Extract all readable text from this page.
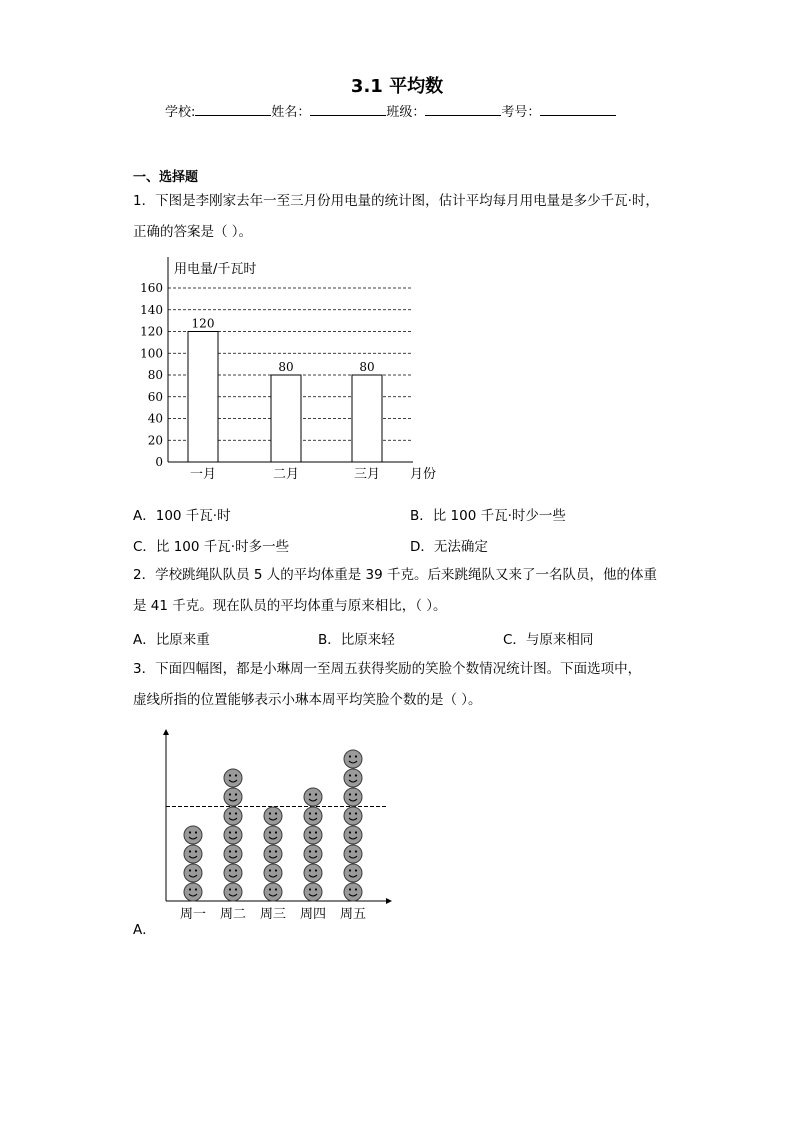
3.1 平均数
学校:	姓名：	班级：	考号：
一、选择题
1．下图是李刚家去年一至三月份用电量的统计图，估计平均每月用电量是多少千瓦·时，
正确的答案是（ ）。
0
20
40
60
80
100
120
140
160
用电量/千瓦时
月份
120
一月
80
二月
80
三月
A．100 千瓦·时	B．比 100 千瓦·时少一些
C．比 100 千瓦·时多一些	D．无法确定
2．学校跳绳队队员 5 人的平均体重是 39 千克。后来跳绳队又来了一名队员，他的体重
是 41 千克。现在队员的平均体重与原来相比，（ ）。
A．比原来重	B．比原来轻	C．与原来相同
3．下面四幅图，都是小琳周一至周五获得奖励的笑脸个数情况统计图。下面选项中，
虚线所指的位置能够表示小琳本周平均笑脸个数的是（ ）。
周一 周二 周三 周四 周五
A．
